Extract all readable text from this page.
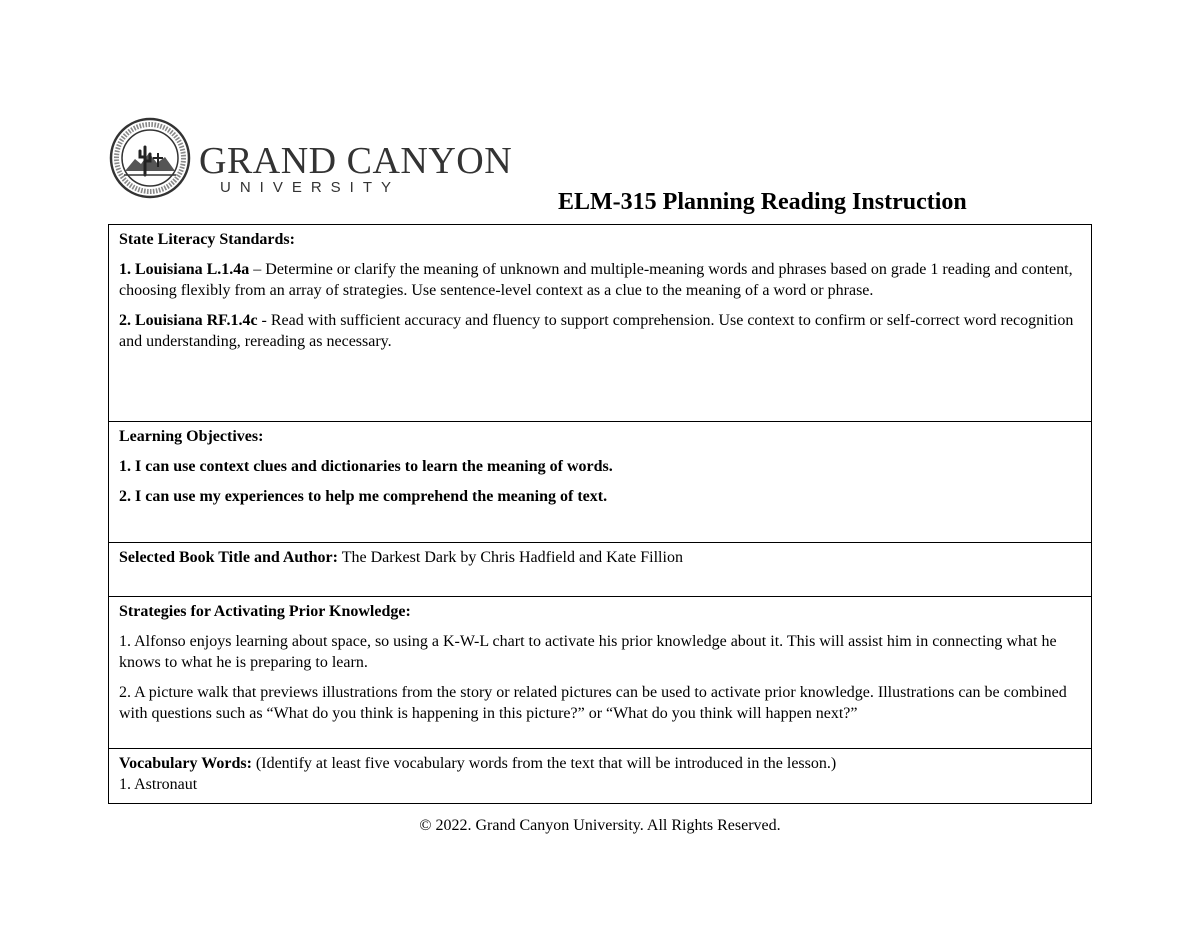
GRAND CANYON

UNIVERSITY

ELM-315 Planning Reading Instruction

State Literacy Standards:

1. Louisiana L.1.4a – Determine or clarify the meaning of unknown and multiple-meaning words and phrases based on grade 1 reading and content, choosing flexibly from an array of strategies. Use sentence-level context as a clue to the meaning of a word or phrase.

2. Louisiana RF.1.4c - Read with sufficient accuracy and fluency to support comprehension. Use context to confirm or self-correct word recognition and understanding, rereading as necessary.

Learning Objectives:

1. I can use context clues and dictionaries to learn the meaning of words.

2. I can use my experiences to help me comprehend the meaning of text.

Selected Book Title and Author: The Darkest Dark by Chris Hadfield and Kate Fillion

Strategies for Activating Prior Knowledge:

1. Alfonso enjoys learning about space, so using a K-W-L chart to activate his prior knowledge about it. This will assist him in connecting what he knows to what he is preparing to learn.

2. A picture walk that previews illustrations from the story or related pictures can be used to activate prior knowledge. Illustrations can be combined with questions such as “What do you think is happening in this picture?” or “What do you think will happen next?”

Vocabulary Words: (Identify at least five vocabulary words from the text that will be introduced in the lesson.)

1. Astronaut

© 2022. Grand Canyon University. All Rights Reserved.
